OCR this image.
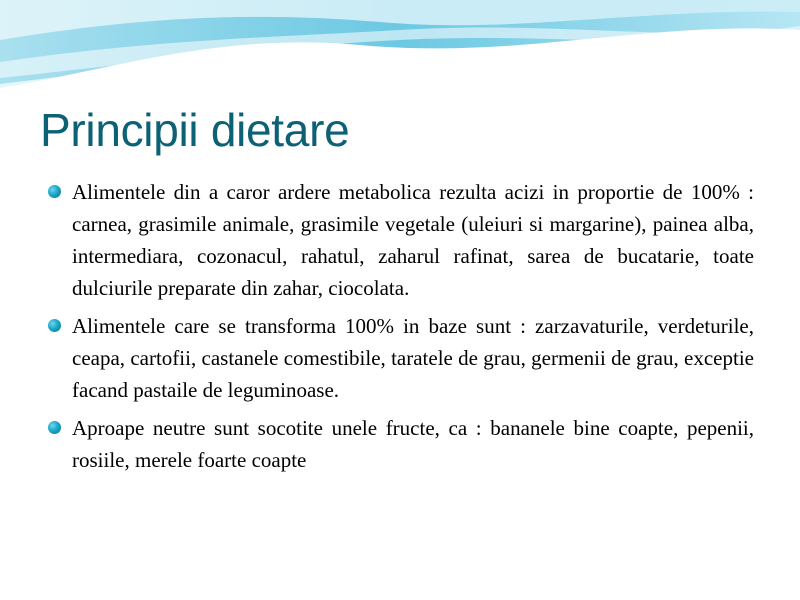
Principii dietare
Alimentele din a caror ardere metabolica rezulta acizi in proportie de 100% : carnea, grasimile animale, grasimile vegetale (uleiuri si margarine), painea alba, intermediara, cozonacul, rahatul, zaharul rafinat, sarea de bucatarie, toate dulciurile preparate din zahar, ciocolata.
Alimentele care se transforma 100% in baze sunt : zarzavaturile, verdeturile, ceapa, cartofii, castanele comestibile, taratele de grau, germenii de grau, exceptie facand pastaile de leguminoase.
Aproape neutre sunt socotite unele fructe, ca : bananele bine coapte, pepenii, rosiile, merele foarte coapte
